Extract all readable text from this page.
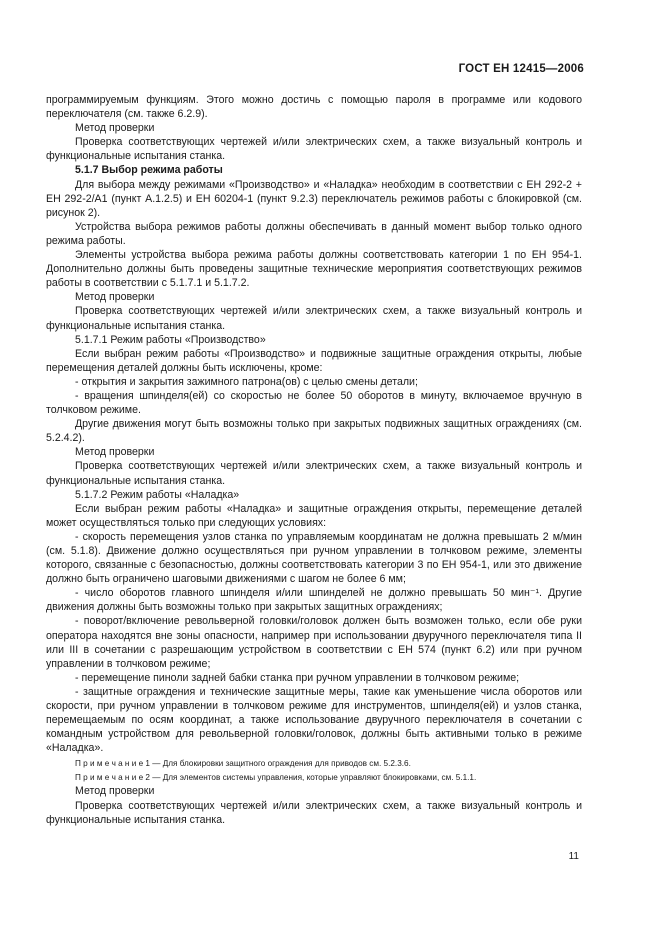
ГОСТ ЕН 12415—2006

программируемым функциям. Этого можно достичь с помощью пароля в программе или кодового переключателя (см. также 6.2.9).

Метод проверки

Проверка соответствующих чертежей и/или электрических схем, а также визуальный контроль и функциональные испытания станка.

5.1.7 Выбор режима работы

Для выбора между режимами «Производство» и «Наладка» необходим в соответствии с ЕН 292-2 + ЕН 292-2/А1 (пункт А.1.2.5) и ЕН 60204-1 (пункт 9.2.3) переключатель режимов работы с блокировкой (см. рисунок 2).

Устройства выбора режимов работы должны обеспечивать в данный момент выбор только одного режима работы.

Элементы устройства выбора режима работы должны соответствовать категории 1 по ЕН 954-1. Дополнительно должны быть проведены защитные технические мероприятия соответствующих режимов работы в соответствии с 5.1.7.1 и 5.1.7.2.

Метод проверки

Проверка соответствующих чертежей и/или электрических схем, а также визуальный контроль и функциональные испытания станка.

5.1.7.1 Режим работы «Производство»

Если выбран режим работы «Производство» и подвижные защитные ограждения открыты, любые перемещения деталей должны быть исключены, кроме:

- открытия и закрытия зажимного патрона(ов) с целью смены детали;

- вращения шпинделя(ей) со скоростью не более 50 оборотов в минуту, включаемое вручную в толчковом режиме.

Другие движения могут быть возможны только при закрытых подвижных защитных ограждениях (см. 5.2.4.2).

Метод проверки

Проверка соответствующих чертежей и/или электрических схем, а также визуальный контроль и функциональные испытания станка.

5.1.7.2 Режим работы «Наладка»

Если выбран режим работы «Наладка» и защитные ограждения открыты, перемещение деталей может осуществляться только при следующих условиях:

- скорость перемещения узлов станка по управляемым координатам не должна превышать 2 м/мин (см. 5.1.8). Движение должно осуществляться при ручном управлении в толчковом режиме, элементы которого, связанные с безопасностью, должны соответствовать категории 3 по ЕН 954-1, или это движение должно быть ограничено шаговыми движениями с шагом не более 6 мм;

- число оборотов главного шпинделя и/или шпинделей не должно превышать 50 мин⁻¹. Другие движения должны быть возможны только при закрытых защитных ограждениях;

- поворот/включение револьверной головки/головок должен быть возможен только, если обе руки оператора находятся вне зоны опасности, например при использовании двуручного переключателя типа II или III в сочетании с разрешающим устройством в соответствии с ЕН 574 (пункт 6.2) или при ручном управлении в толчковом режиме;

- перемещение пиноли задней бабки станка при ручном управлении в толчковом режиме;

- защитные ограждения и технические защитные меры, такие как уменьшение числа оборотов или скорости, при ручном управлении в толчковом режиме для инструментов, шпинделя(ей) и узлов станка, перемещаемым по осям координат, а также использование двуручного переключателя в сочетании с командным устройством для револьверной головки/головок, должны быть активными только в режиме «Наладка».

П р и м е ч а н и е 1 — Для блокировки защитного ограждения для приводов см. 5.2.3.6.

П р и м е ч а н и е 2 — Для элементов системы управления, которые управляют блокировками, см. 5.1.1.

Метод проверки

Проверка соответствующих чертежей и/или электрических схем, а также визуальный контроль и функциональные испытания станка.

11
